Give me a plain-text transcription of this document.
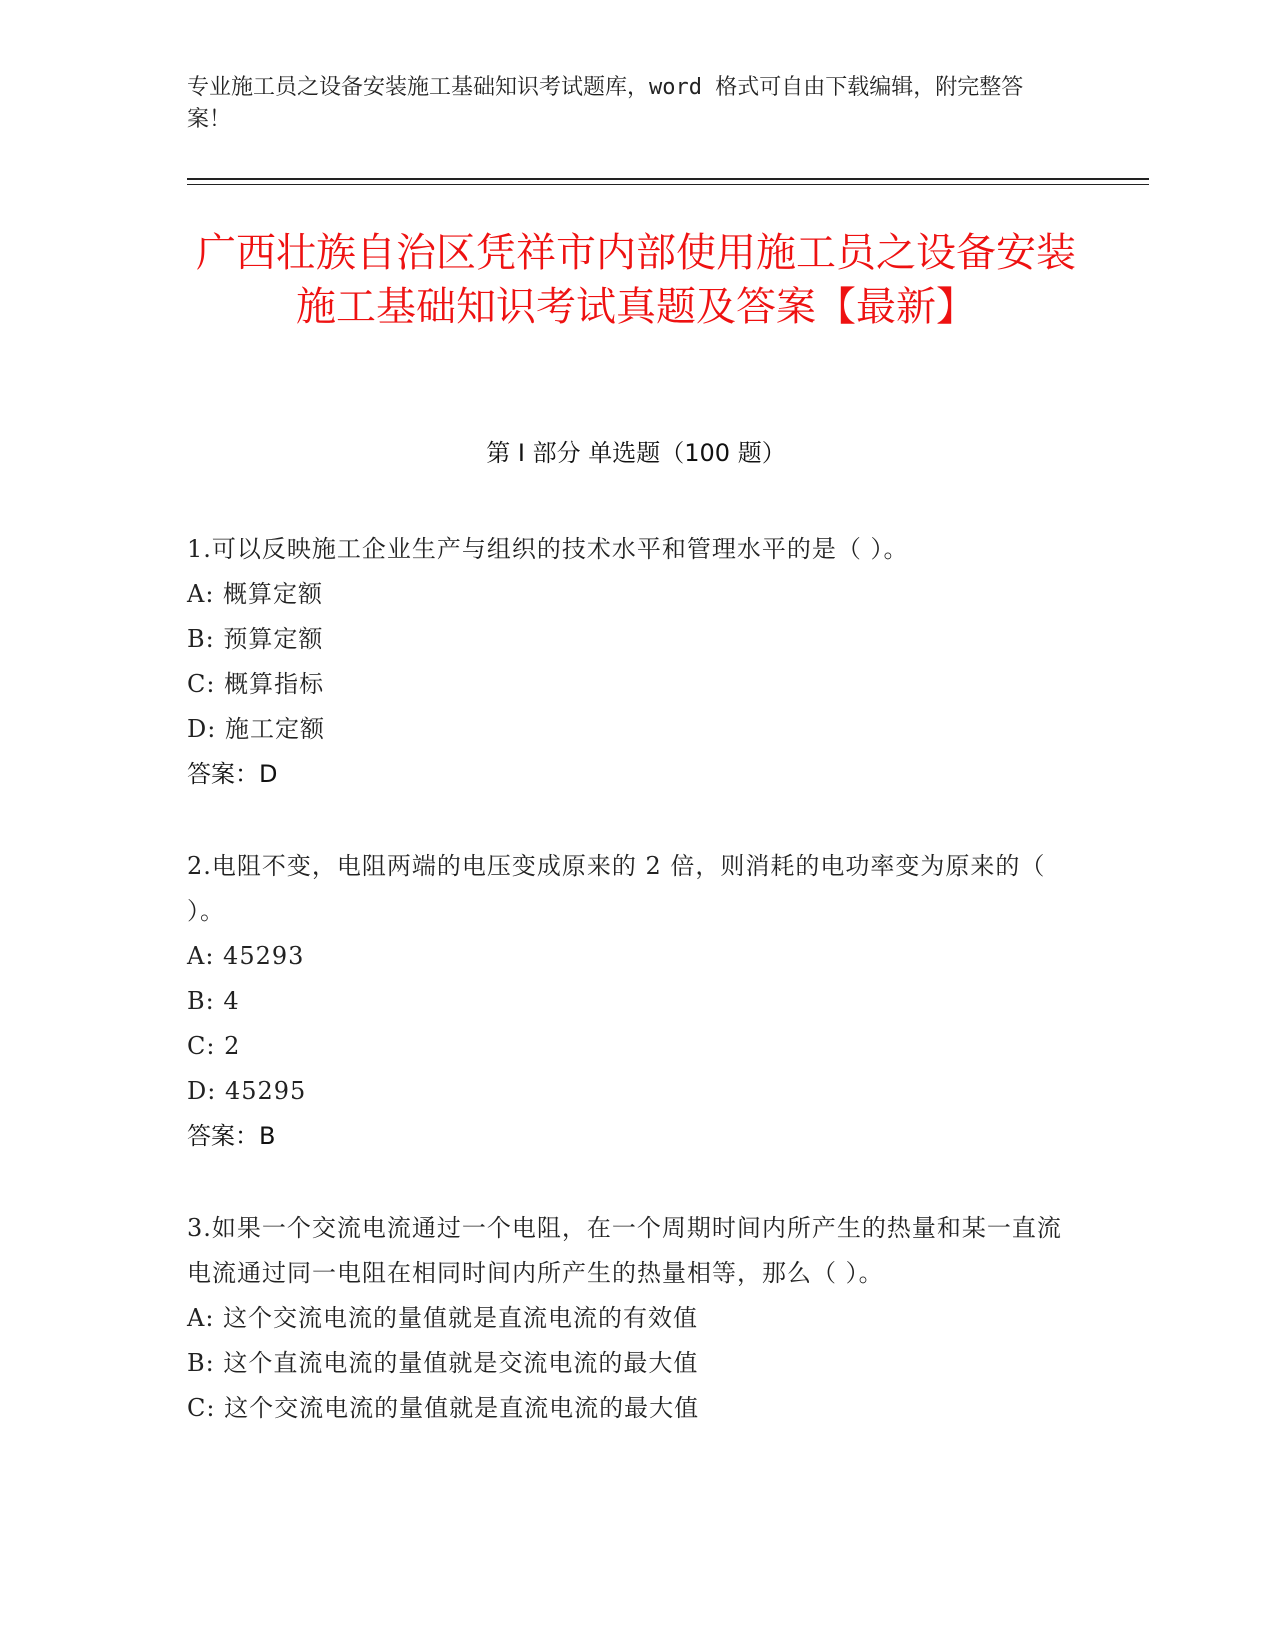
专业施工员之设备安装施工基础知识考试题库，word 格式可自由下载编辑，附完整答案！
广西壮族自治区凭祥市内部使用施工员之设备安装施工基础知识考试真题及答案【最新】
第 I 部分 单选题（100 题）

1.可以反映施工企业生产与组织的技术水平和管理水平的是（ ）。

A: 概算定额

B: 预算定额

C: 概算指标

D: 施工定额

答案：D

2.电阻不变，电阻两端的电压变成原来的 2 倍，则消耗的电功率变为原来的（ ）。

A: 45293

B: 4

C: 2

D: 45295

答案：B

3.如果一个交流电流通过一个电阻，在一个周期时间内所产生的热量和某一直流电流通过同一电阻在相同时间内所产生的热量相等，那么（ ）。

A: 这个交流电流的量值就是直流电流的有效值

B: 这个直流电流的量值就是交流电流的最大值

C: 这个交流电流的量值就是直流电流的最大值
